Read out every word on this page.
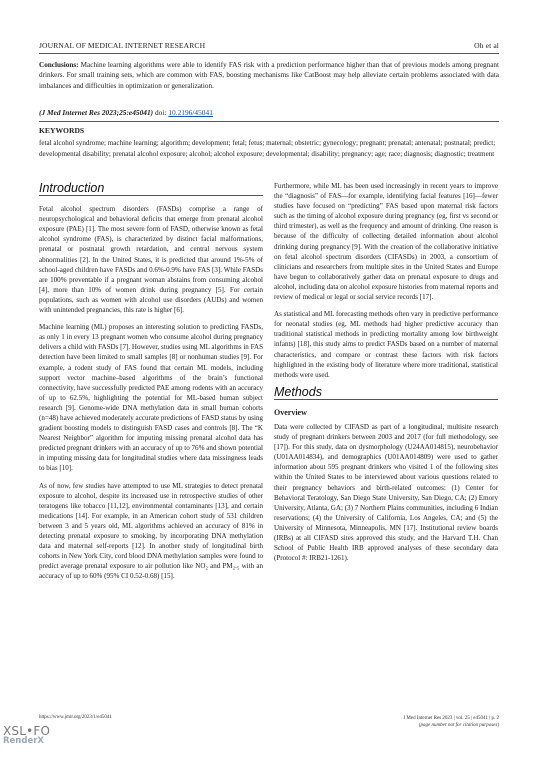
JOURNAL OF MEDICAL INTERNET RESEARCH	Oh et al
Conclusions: Machine learning algorithms were able to identify FAS risk with a prediction performance higher than that of previous models among pregnant drinkers. For small training sets, which are common with FAS, boosting mechanisms like CatBoost may help alleviate certain problems associated with data imbalances and difficulties in optimization or generalization.
(J Med Internet Res 2023;25:e45041) doi: 10.2196/45041
KEYWORDS
fetal alcohol syndrome; machine learning; algorithm; development; fetal; fetus; maternal; obstetric; gynecology; pregnant; prenatal; antenatal; postnatal; predict; developmental disability; prenatal alcohol exposure; alcohol; alcohol exposure; developmental; disability; pregnancy; age; race; diagnosis; diagnostic; treatment
Introduction

Fetal alcohol spectrum disorders (FASDs) comprise a range of neuropsychological and behavioral deficits that emerge from prenatal alcohol exposure (PAE) [1]. The most severe form of FASD, otherwise known as fetal alcohol syndrome (FAS), is characterized by distinct facial malformations, prenatal or postnatal growth retardation, and central nervous system abnormalities [2]. In the United States, it is predicted that around 1%-5% of school-aged children have FASDs and 0.6%-0.9% have FAS [3]. While FASDs are 100% preventable if a pregnant woman abstains from consuming alcohol [4], more than 10% of women drink during pregnancy [5]. For certain populations, such as women with alcohol use disorders (AUDs) and women with unintended pregnancies, this rate is higher [6].

Machine learning (ML) proposes an interesting solution to predicting FASDs, as only 1 in every 13 pregnant women who consume alcohol during pregnancy delivers a child with FASDs [7]. However, studies using ML algorithms in FAS detection have been limited to small samples [8] or nonhuman studies [9]. For example, a rodent study of FAS found that certain ML models, including support vector machine–based algorithms of the brain’s functional connectivity, have successfully predicted PAE among rodents with an accuracy of up to 62.5%, highlighting the potential for ML-based human subject research [9]. Genome-wide DNA methylation data in small human cohorts (n=48) have achieved moderately accurate predictions of FASD status by using gradient boosting models to distinguish FASD cases and controls [8]. The “K Nearest Neighbor” algorithm for imputing missing prenatal alcohol data has predicted pregnant drinkers with an accuracy of up to 76% and shown potential in imputing missing data for longitudinal studies where data missingness leads to bias [10].

As of now, few studies have attempted to use ML strategies to detect prenatal exposure to alcohol, despite its increased use in retrospective studies of other teratogens like tobacco [11,12], environmental contaminants [13], and certain medications [14]. For example, in an American cohort study of 531 children between 3 and 5 years old, ML algorithms achieved an accuracy of 81% in detecting prenatal exposure to smoking, by incorporating DNA methylation data and maternal self-reports [12]. In another study of longitudinal birth cohorts in New York City, cord blood DNA methylation samples were found to predict average prenatal exposure to air pollution like NO₂ and PM₂.₅ with an accuracy of up to 60% (95% CI 0.52-0.68) [15].

Furthermore, while ML has been used increasingly in recent years to improve the “diagnosis” of FAS—for example, identifying facial features [16]—fewer studies have focused on “predicting” FAS based upon maternal risk factors such as the timing of alcohol exposure during pregnancy (eg, first vs second or third trimester), as well as the frequency and amount of drinking. One reason is because of the difficulty of collecting detailed information about alcohol drinking during pregnancy [9]. With the creation of the collaborative initiative on fetal alcohol spectrum disorders (CIFASDs) in 2003, a consortium of clinicians and researchers from multiple sites in the United States and Europe have begun to collaboratively gather data on prenatal exposure to drugs and alcohol, including data on alcohol exposure histories from maternal reports and review of medical or legal or social service records [17].

As statistical and ML forecasting methods often vary in predictive performance for neonatal studies (eg, ML methods had higher predictive accuracy than traditional statistical methods in predicting mortality among low birthweight infants) [18], this study aims to predict FASDs based on a number of maternal characteristics, and compare or contrast these factors with risk factors highlighted in the existing body of literature where more traditional, statistical methods were used.

Methods
Overview

Data were collected by CIFASD as part of a longitudinal, multisite research study of pregnant drinkers between 2003 and 2017 (for full methodology, see [17]). For this study, data on dysmorphology (U24AA014815), neurobehavior (U01AA014834), and demographics (U01AA014809) were used to gather information about 595 pregnant drinkers who visited 1 of the following sites within the United States to be interviewed about various questions related to their pregnancy behaviors and birth-related outcomes: (1) Center for Behavioral Teratology, San Diego State University, San Diego, CA; (2) Emory University, Atlanta, GA; (3) 7 Northern Plains communities, including 6 Indian reservations; (4) the University of California, Los Angeles, CA; and (5) the University of Minnesota, Minneapolis, MN [17]. Institutional review boards (IRBs) at all CIFASD sites approved this study, and the Harvard T.H. Chan School of Public Health IRB approved analyses of these secondary data (Protocol #: IRB21-1261).

https://www.jmir.org/2023/1/e45041	J Med Internet Res 2023 | vol. 25 | e45041 | p. 2
(page number not for citation purposes)
XSL•FO
RenderX
